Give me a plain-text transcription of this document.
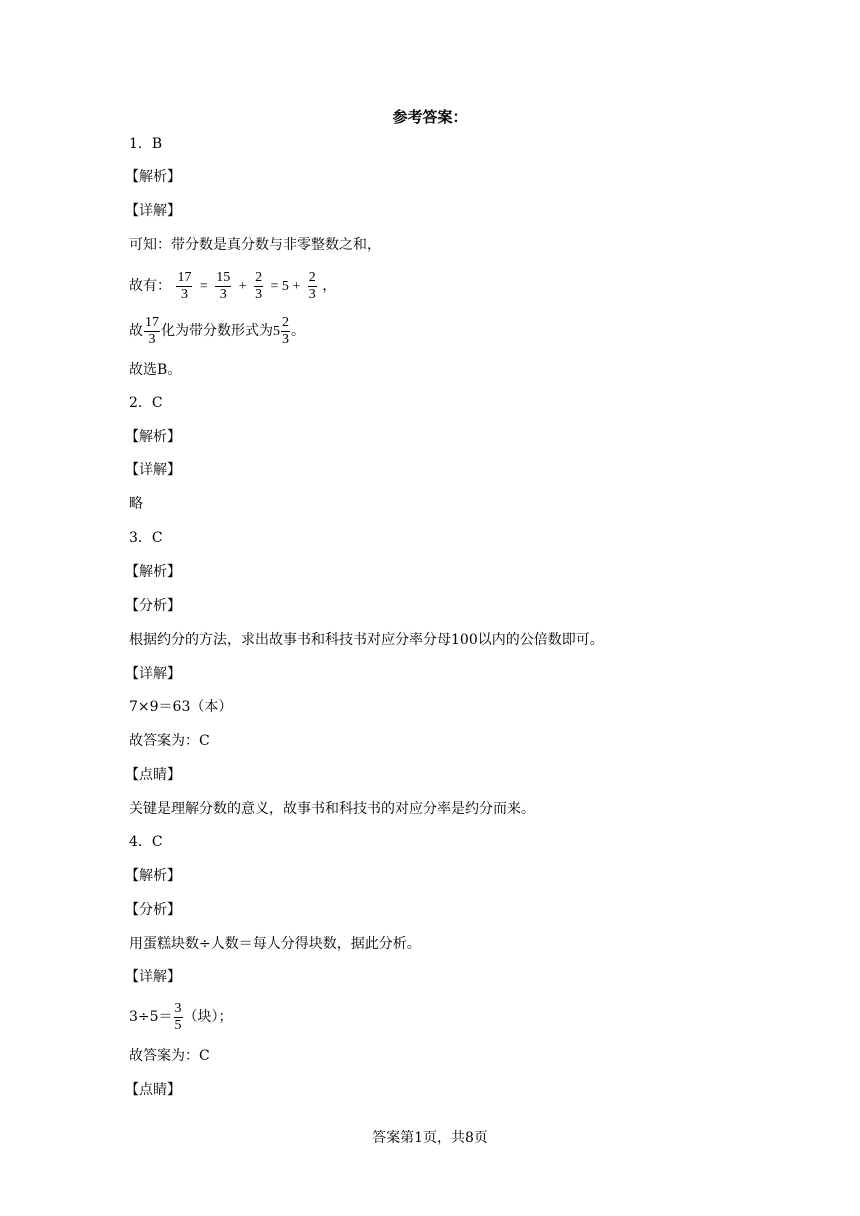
参考答案：
1．B
【解析】
【详解】
可知：带分数是真分数与非零整数之和，
故有： $\frac{17}{3} = \frac{15}{3} + \frac{2}{3} = 5 + \frac{2}{3}$ ，
故 $\frac{17}{3}$ 化为带分数形式为$5 \frac{2}{3}$ 。
故选B。
2．C
【解析】
【详解】
略
3．C
【解析】
【分析】
根据约分的方法，求出故事书和科技书对应分率分母100以内的公倍数即可。
【详解】
7×9＝63（本）
故答案为：C
【点睛】
关键是理解分数的意义，故事书和科技书的对应分率是约分而来。
4．C
【解析】
【分析】
用蛋糕块数÷人数＝每人分得块数，据此分析。
【详解】
$3\div 5= \frac{3}{5}$ （块）；
故答案为：C
【点睛】
答案第1页，共8页
